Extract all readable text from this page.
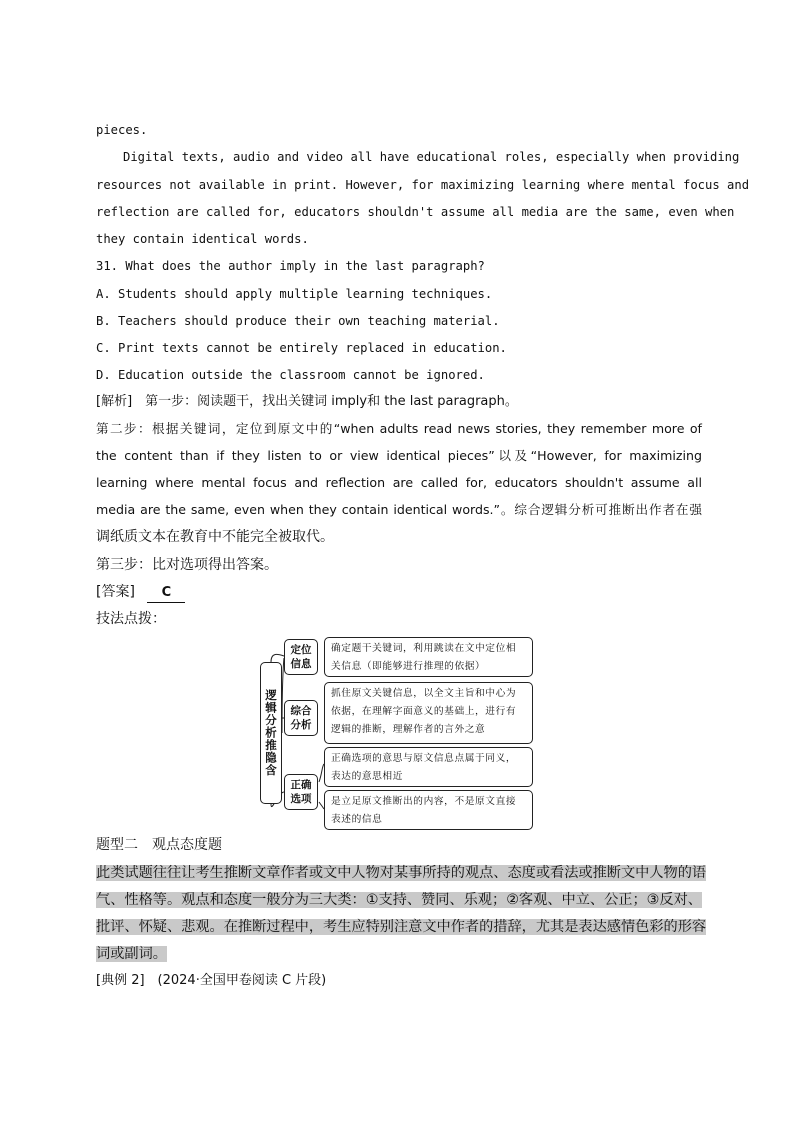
pieces.
Digital texts, audio and video all have educational roles, especially when providing
resources not available in print. However, for maximizing learning where mental focus and
reflection are called for, educators shouldn't assume all media are the same, even when
they contain identical words.
31. What does the author imply in the last paragraph?
A. Students should apply multiple learning techniques.
B. Teachers should produce their own teaching material.
C. Print texts cannot be entirely replaced in education.
D. Education outside the classroom cannot be ignored.
[解析]　第一步：阅读题干，找出关键词 imply和 the last paragraph。
第二步：根据关键词，定位到原文中的“when adults read news stories, they remember more of
the content than if they listen to or view identical pieces”以及“However, for maximizing
learning where mental focus and reflection are called for, educators shouldn't assume all
media are the same, even when they contain identical words.”。综合逻辑分析可推断出作者在强
调纸质文本在教育中不能完全被取代。
第三步：比对选项得出答案。
[答案] C
技法点拨：
逻辑分析推隐含
定位信息
确定题干关键词，利用跳读在文中定位相关信息（即能够进行推理的依据）
综合分析
抓住原文关键信息，以全文主旨和中心为依据，在理解字面意义的基础上，进行有逻辑的推断，理解作者的言外之意
正确选项
正确选项的意思与原文信息点属于同义，表达的意思相近
是立足原文推断出的内容，不是原文直接表述的信息
题型二　观点态度题
此类试题往往让考生推断文章作者或文中人物对某事所持的观点、态度或看法或推断文中人物的语
气、性格等。观点和态度一般分为三大类：①支持、赞同、乐观；②客观、中立、公正；③反对、
批评、怀疑、悲观。在推断过程中，考生应特别注意文中作者的措辞，尤其是表达感情色彩的形容
词或副词。
[典例 2]　(2024·全国甲卷阅读 C 片段)
